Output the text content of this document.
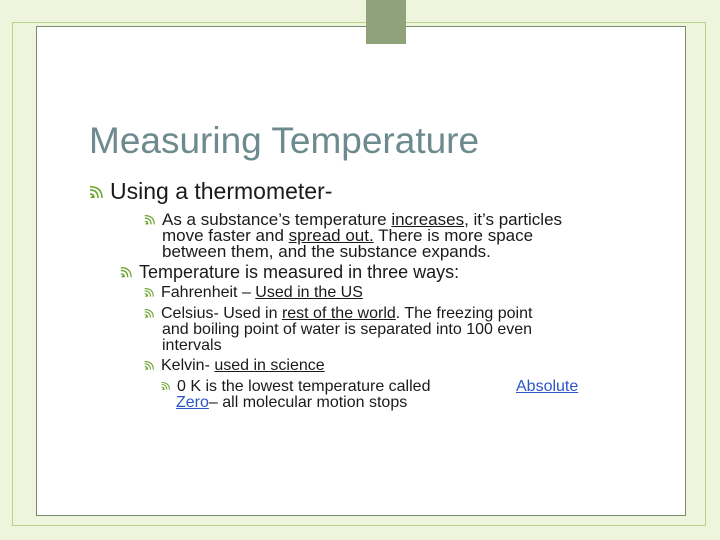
Measuring Temperature
Using a thermometer-
As a substance’s temperature increases, it’s particles
move faster and spread out. There is more space
between them, and the substance expands.
Temperature is measured in three ways:
Fahrenheit – Used in the US
Celsius- Used in rest of the world. The freezing point
and boiling point of water is separated into 100 even
intervals
Kelvin- used in science
0 K is the lowest temperature called	Absolute
Zero– all molecular motion stops
